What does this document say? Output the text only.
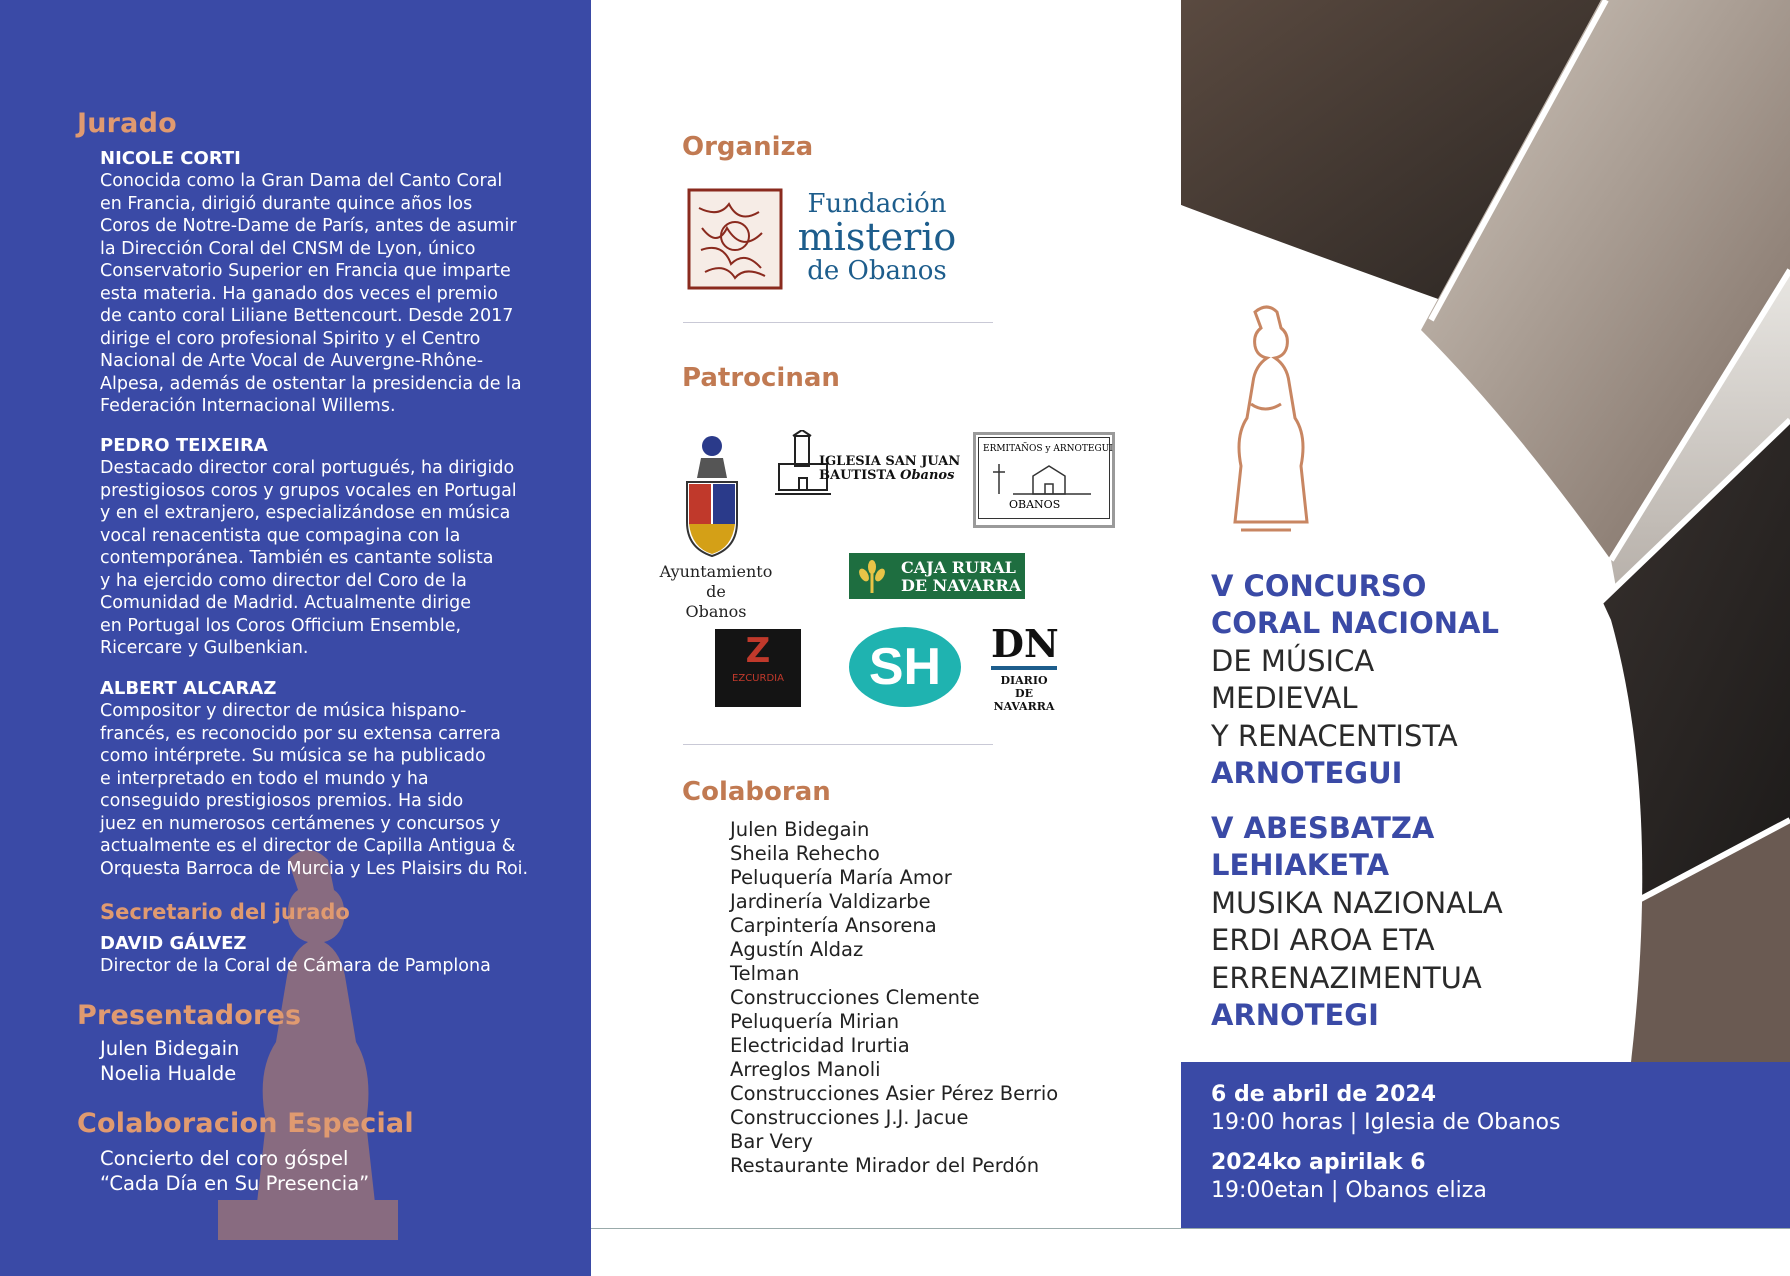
Jurado

NICOLE CORTI

Conocida como la Gran Dama del Canto Coral
en Francia, dirigió durante quince años los
Coros de Notre-Dame de París, antes de asumir
la Dirección Coral del CNSM de Lyon, único
Conservatorio Superior en Francia que imparte
esta materia. Ha ganado dos veces el premio
de canto coral Liliane Bettencourt. Desde 2017
dirige el coro profesional Spirito y el Centro
Nacional de Arte Vocal de Auvergne-Rhône-
Alpesa, además de ostentar la presidencia de la
Federación Internacional Willems.

PEDRO TEIXEIRA

Destacado director coral portugués, ha dirigido
prestigiosos coros y grupos vocales en Portugal
y en el extranjero, especializándose en música
vocal renacentista que compagina con la
contemporánea. También es cantante solista
y ha ejercido como director del Coro de la
Comunidad de Madrid. Actualmente dirige
en Portugal los Coros Officium Ensemble,
Ricercare y Gulbenkian.

ALBERT ALCARAZ

Compositor y director de música hispano-
francés, es reconocido por su extensa carrera
como intérprete. Su música se ha publicado
e interpretado en todo el mundo y ha
conseguido prestigiosos premios. Ha sido
juez en numerosos certámenes y concursos y
actualmente es el director de Capilla Antigua &
Orquesta Barroca de Murcia y Les Plaisirs du Roi.

Secretario del jurado

DAVID GÁLVEZ

Director de la Coral de Cámara de Pamplona

Presentadores

Julen Bidegain

Noelia Hualde

Colaboracion Especial

Concierto del coro góspel

“Cada Día en Su Presencia”

Organiza
Fundación
misterio
de Obanos
Patrocinan
Ayuntamiento de
Obanos
IGLESIA SAN JUAN
BAUTISTA Obanos
ERMITAÑOS y ARNOTEGUI
OBANOS
CAJA RURAL
DE NAVARRA
Z
EZCURDIA	SH	DN
DIARIO DE
NAVARRA
Colaboran
Julen Bidegain
Sheila Rehecho
Peluquería María Amor
Jardinería Valdizarbe
Carpintería Ansorena
Agustín Aldaz
Telman
Construcciones Clemente
Peluquería Mirian
Electricidad Irurtia
Arreglos Manoli
Construcciones Asier Pérez Berrio
Construcciones J.J. Jacue
Bar Very
Restaurante Mirador del Perdón

V CONCURSO

CORAL NACIONAL

DE MÚSICA

MEDIEVAL

Y RENACENTISTA

ARNOTEGUI

V ABESBATZA

LEHIAKETA

MUSIKA NAZIONALA

ERDI AROA ETA

ERRENAZIMENTUA

ARNOTEGI

6 de abril de 2024

19:00 horas | Iglesia de Obanos

2024ko apirilak 6

19:00etan | Obanos eliza
